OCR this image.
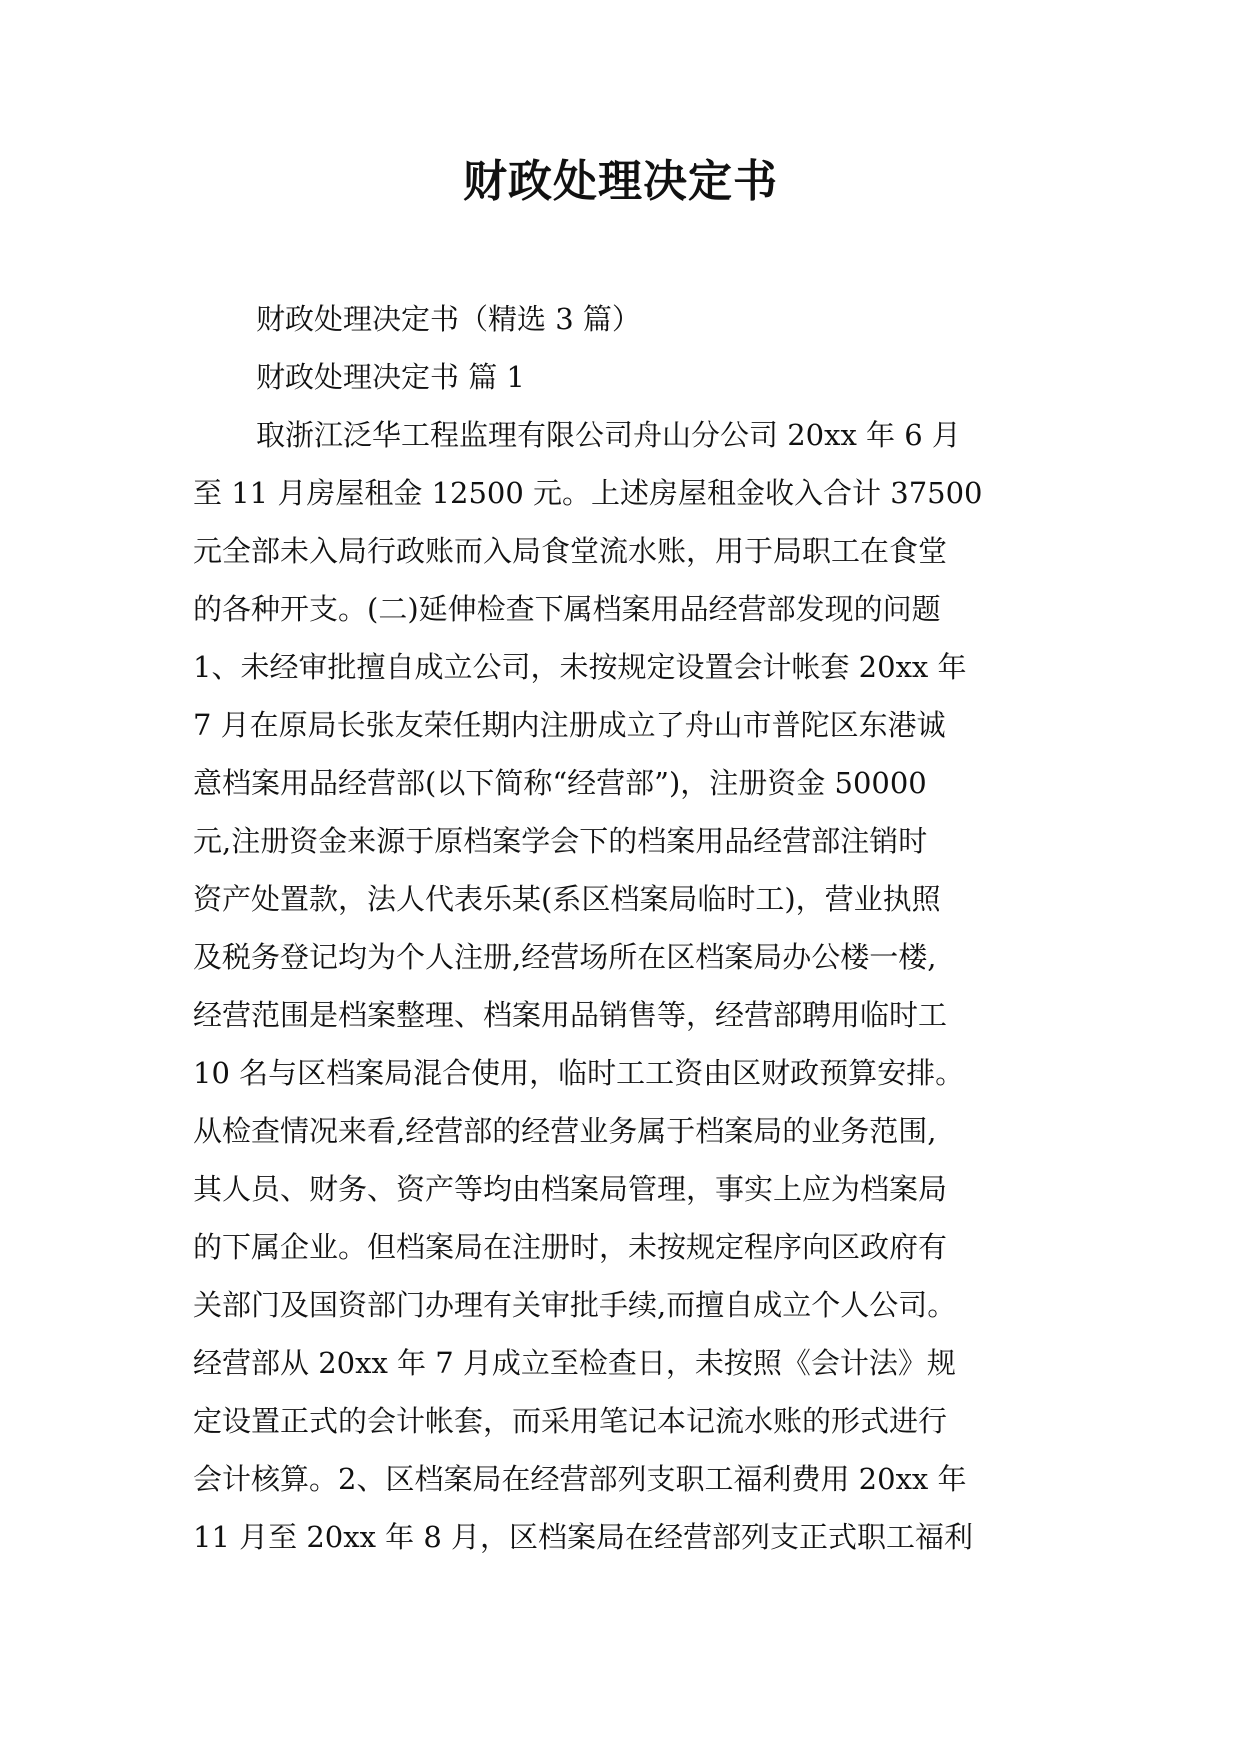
财政处理决定书

财政处理决定书（精选 3 篇）

财政处理决定书 篇 1

取浙江泛华工程监理有限公司舟山分公司 20xx 年 6 月

至 11 月房屋租金 12500 元。上述房屋租金收入合计 37500

元全部未入局行政账而入局食堂流水账，用于局职工在食堂

的各种开支。(二)延伸检查下属档案用品经营部发现的问题

1、未经审批擅自成立公司，未按规定设置会计帐套 20xx 年

7 月在原局长张友荣任期内注册成立了舟山市普陀区东港诚

意档案用品经营部(以下简称“经营部”)，注册资金 50000

元,注册资金来源于原档案学会下的档案用品经营部注销时

资产处置款，法人代表乐某(系区档案局临时工)，营业执照

及税务登记均为个人注册,经营场所在区档案局办公楼一楼,

经营范围是档案整理、档案用品销售等，经营部聘用临时工

10 名与区档案局混合使用，临时工工资由区财政预算安排。

从检查情况来看,经营部的经营业务属于档案局的业务范围,

其人员、财务、资产等均由档案局管理，事实上应为档案局

的下属企业。但档案局在注册时，未按规定程序向区政府有

关部门及国资部门办理有关审批手续,而擅自成立个人公司。

经营部从 20xx 年 7 月成立至检查日，未按照《会计法》规

定设置正式的会计帐套，而采用笔记本记流水账的形式进行

会计核算。2、区档案局在经营部列支职工福利费用 20xx 年

11 月至 20xx 年 8 月，区档案局在经营部列支正式职工福利
